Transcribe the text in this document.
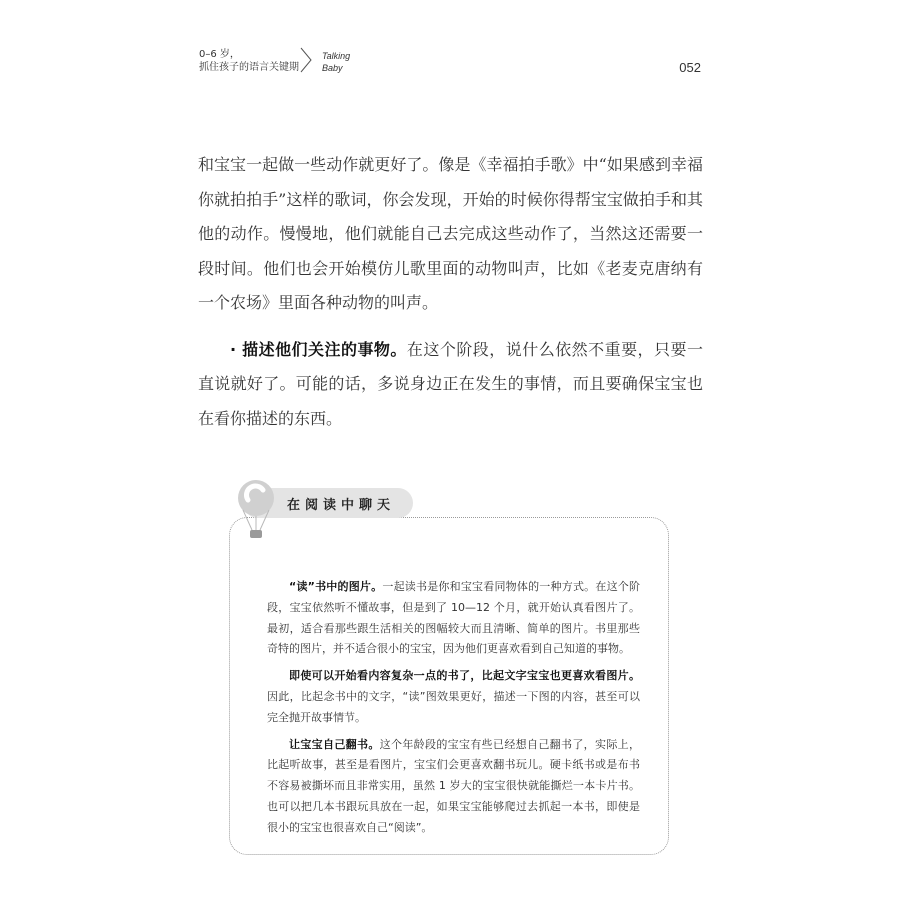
0–6 岁，
抓住孩子的语言关键期
Talking
Baby	052

和宝宝一起做一些动作就更好了。像是《幸福拍手歌》中“如果感到幸福你就拍拍手”这样的歌词，你会发现，开始的时候你得帮宝宝做拍手和其他的动作。慢慢地，他们就能自己去完成这些动作了，当然这还需要一段时间。他们也会开始模仿儿歌里面的动物叫声，比如《老麦克唐纳有一个农场》里面各种动物的叫声。

· 描述他们关注的事物。在这个阶段，说什么依然不重要，只要一直说就好了。可能的话，多说身边正在发生的事情，而且要确保宝宝也在看你描述的东西。

在阅读中聊天

“读”书中的图片。一起读书是你和宝宝看同物体的一种方式。在这个阶段，宝宝依然听不懂故事，但是到了 10—12 个月，就开始认真看图片了。最初，适合看那些跟生活相关的图幅较大而且清晰、简单的图片。书里那些奇特的图片，并不适合很小的宝宝，因为他们更喜欢看到自己知道的事物。

即使可以开始看内容复杂一点的书了，比起文字宝宝也更喜欢看图片。因此，比起念书中的文字，“读”图效果更好，描述一下图的内容，甚至可以完全抛开故事情节。

让宝宝自己翻书。这个年龄段的宝宝有些已经想自己翻书了，实际上，比起听故事，甚至是看图片，宝宝们会更喜欢翻书玩儿。硬卡纸书或是布书不容易被撕坏而且非常实用，虽然 1 岁大的宝宝很快就能撕烂一本卡片书。也可以把几本书跟玩具放在一起，如果宝宝能够爬过去抓起一本书，即使是很小的宝宝也很喜欢自己“阅读”。
